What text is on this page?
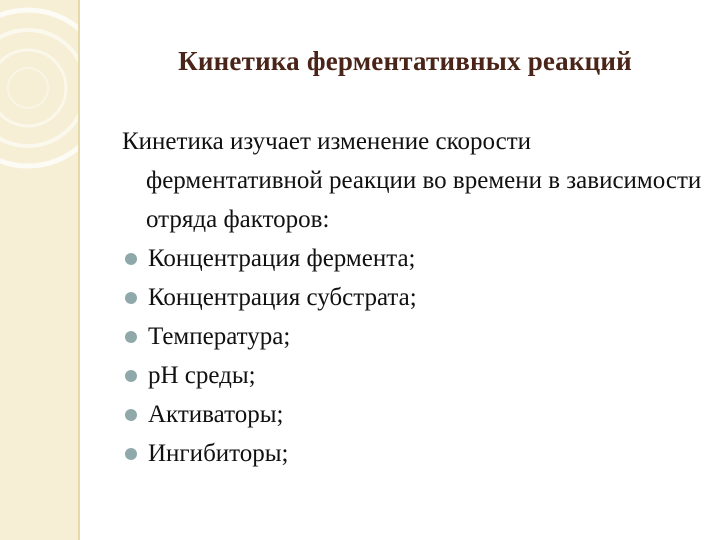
Кинетика ферментативных реакций

Кинетика изучает изменение скорости ферментативной реакции во времени в зависимости отряда факторов:

Концентрация фермента;
Концентрация субстрата;
Температура;
pH среды;
Активаторы;
Ингибиторы;
